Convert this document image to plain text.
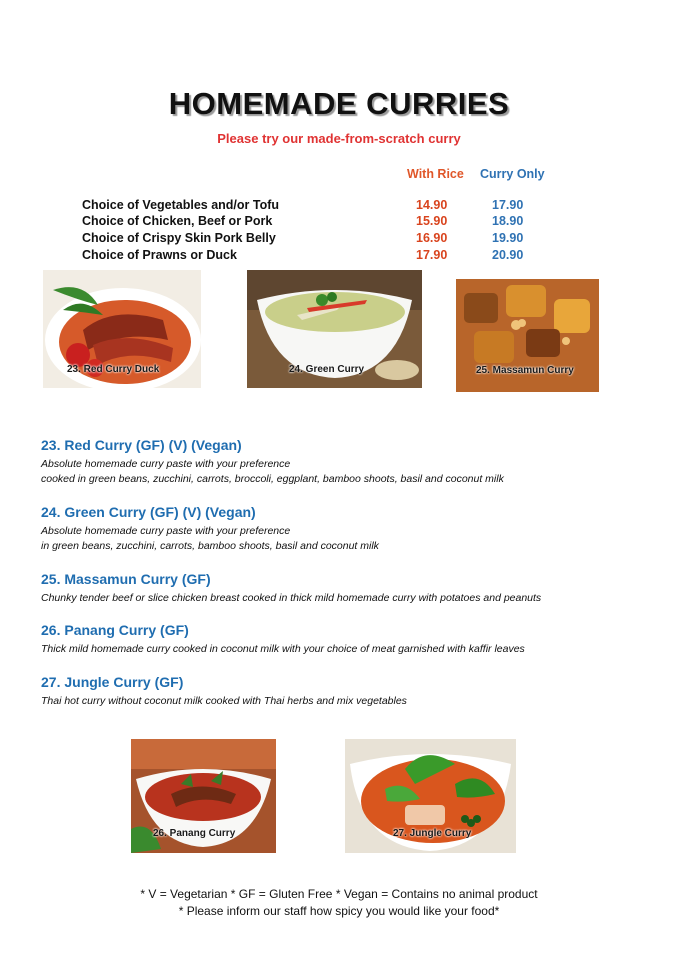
HOMEMADE CURRIES
Please try our made-from-scratch curry
With Rice Curry Only
Choice of Vegetables and/or Tofu	14.90	17.90
Choice of Chicken, Beef or Pork	15.90	18.90
Choice of Crispy Skin Pork Belly	16.90	19.90
Choice of Prawns or Duck	17.90	20.90
23. Red Curry Duck	24. Green Curry	25. Massamun Curry
23. Red Curry (GF) (V) (Vegan)
Absolute homemade curry paste with your preference
cooked in green beans, zucchini, carrots, broccoli, eggplant, bamboo shoots, basil and coconut milk
24. Green Curry (GF) (V) (Vegan)
Absolute homemade curry paste with your preference
in green beans, zucchini, carrots, bamboo shoots, basil and coconut milk
25. Massamun Curry (GF)
Chunky tender beef or slice chicken breast cooked in thick mild homemade curry with potatoes and peanuts
26. Panang Curry (GF)
Thick mild homemade curry cooked in coconut milk with your choice of meat garnished with kaffir leaves
27. Jungle Curry (GF)
Thai hot curry without coconut milk cooked with Thai herbs and mix vegetables
26. Panang Curry	27. Jungle Curry
* V = Vegetarian * GF = Gluten Free * Vegan = Contains no animal product
* Please inform our staff how spicy you would like your food*
